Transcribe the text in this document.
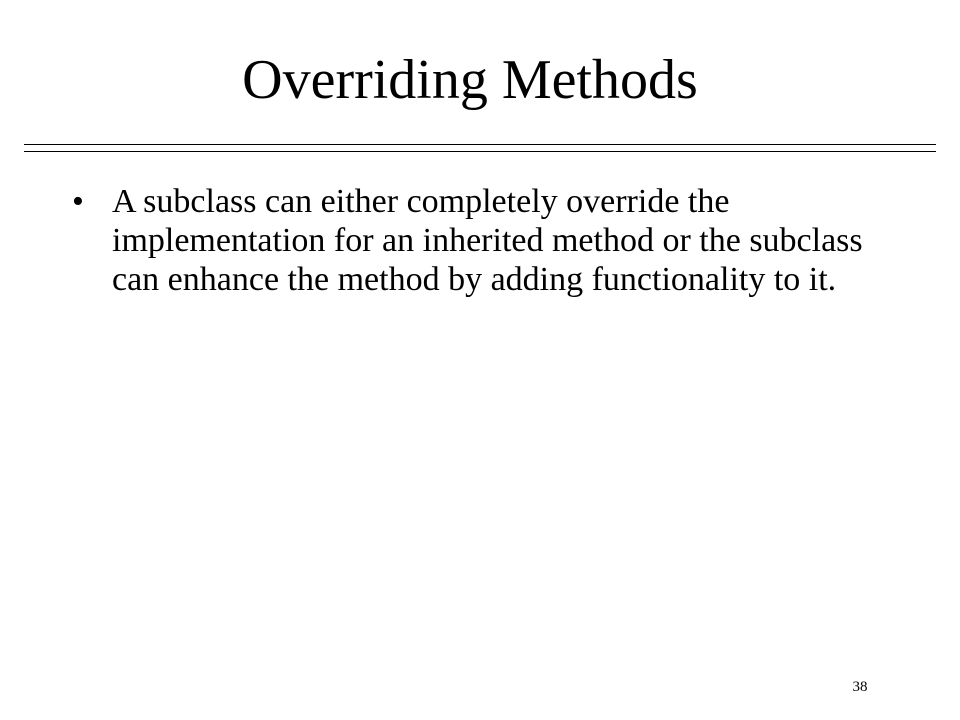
Overriding Methods
• A subclass can either completely override the implementation for an inherited method or the subclass can enhance the method by adding functionality to it.
38
